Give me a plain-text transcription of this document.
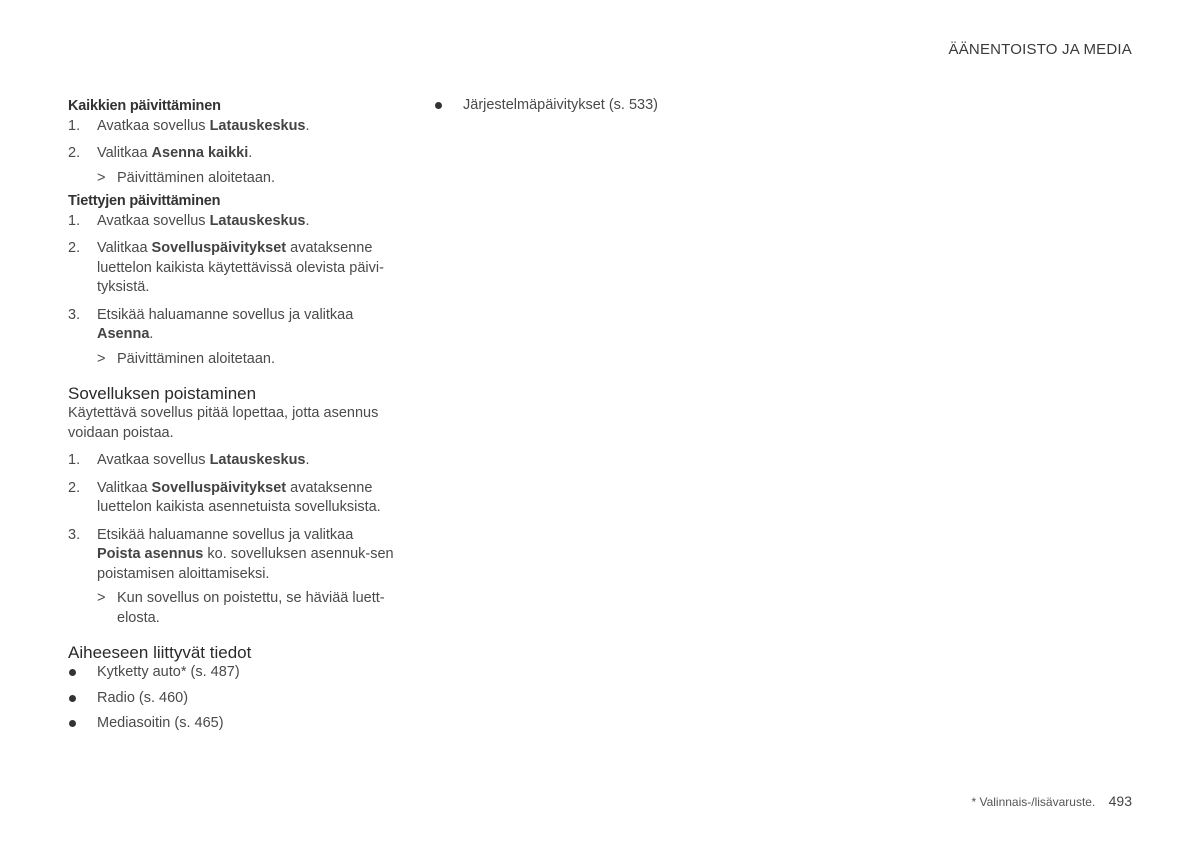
ÄÄNENTOISTO JA MEDIA
Kaikkien päivittäminen
1. Avatkaa sovellus Latauskeskus.
2. Valitkaa Asenna kaikki.
> Päivittäminen aloitetaan.
Tiettyjen päivittäminen
1. Avatkaa sovellus Latauskeskus.
2. Valitkaa Sovelluspäivitykset avataksenne luettelon kaikista käytettävissä olevista päivi-tyksistä.
3. Etsikää haluamanne sovellus ja valitkaa Asenna.
> Päivittäminen aloitetaan.
Sovelluksen poistaminen

Käytettävä sovellus pitää lopettaa, jotta asennus voidaan poistaa.

1. Avatkaa sovellus Latauskeskus.
2. Valitkaa Sovelluspäivitykset avataksenne luettelon kaikista asennetuista sovelluksista.
3. Etsikää haluamanne sovellus ja valitkaa Poista asennus ko. sovelluksen asennuk-sen poistamisen aloittamiseksi.
> Kun sovellus on poistettu, se häviää luett-elosta.
Aiheeseen liittyvät tiedot
Kytketty auto* (s. 487)
Radio (s. 460)
Mediasoitin (s. 465)
Järjestelmäpäivitykset (s. 533)
* Valinnais-/lisävaruste. 493
